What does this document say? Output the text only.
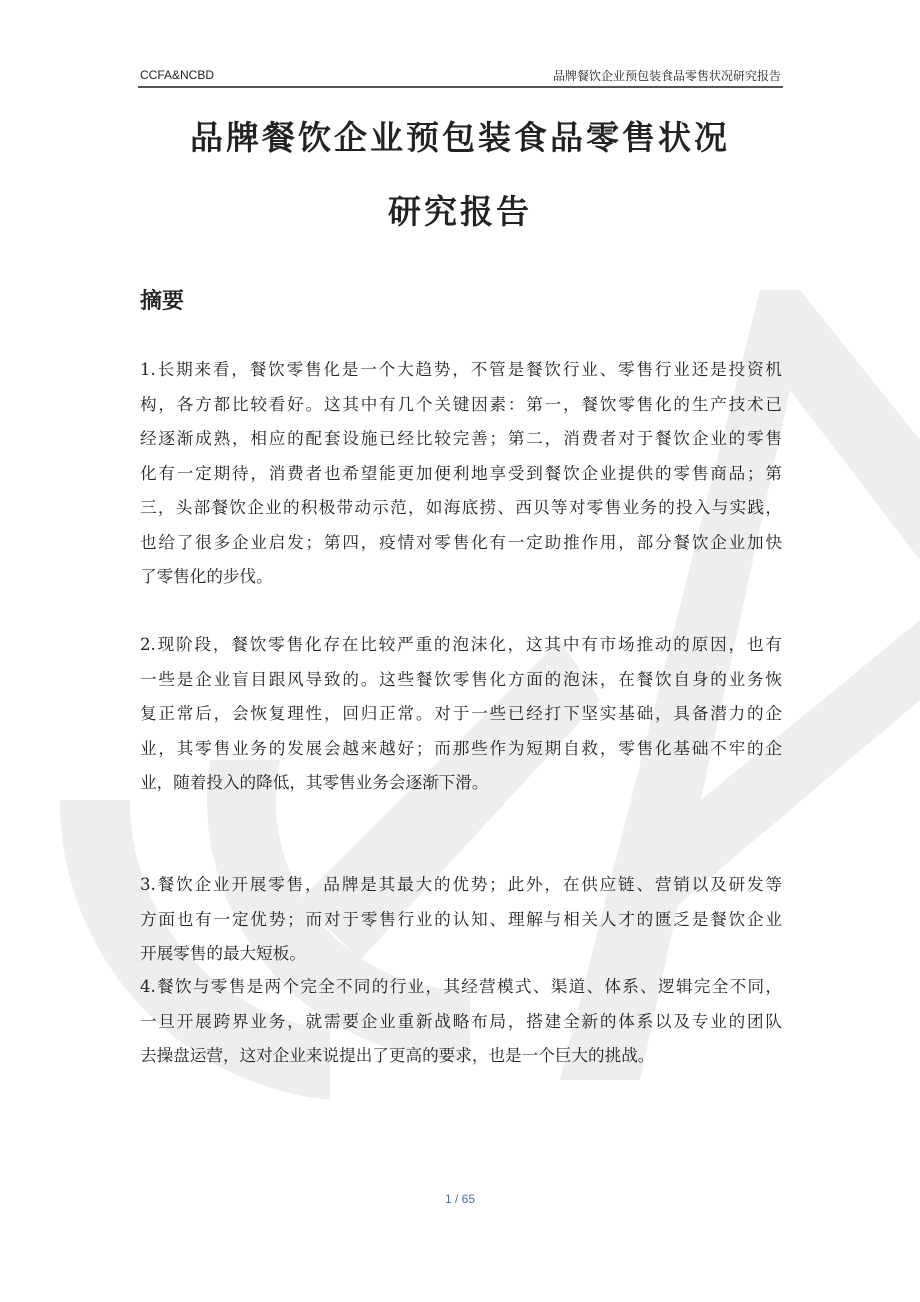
CCFA&NCBD	品牌餐饮企业预包装食品零售状况研究报告
品牌餐饮企业预包装食品零售状况
研究报告
摘要
1.长期来看，餐饮零售化是一个大趋势，不管是餐饮行业、零售行业还是投资机
构，各方都比较看好。这其中有几个关键因素：第一，餐饮零售化的生产技术已
经逐渐成熟，相应的配套设施已经比较完善；第二，消费者对于餐饮企业的零售
化有一定期待，消费者也希望能更加便利地享受到餐饮企业提供的零售商品；第
三，头部餐饮企业的积极带动示范，如海底捞、西贝等对零售业务的投入与实践，
也给了很多企业启发；第四，疫情对零售化有一定助推作用，部分餐饮企业加快
了零售化的步伐。
2.现阶段，餐饮零售化存在比较严重的泡沫化，这其中有市场推动的原因，也有
一些是企业盲目跟风导致的。这些餐饮零售化方面的泡沫，在餐饮自身的业务恢
复正常后，会恢复理性，回归正常。对于一些已经打下坚实基础，具备潜力的企
业，其零售业务的发展会越来越好；而那些作为短期自救，零售化基础不牢的企
业，随着投入的降低，其零售业务会逐渐下滑。
3.餐饮企业开展零售，品牌是其最大的优势；此外，在供应链、营销以及研发等
方面也有一定优势；而对于零售行业的认知、理解与相关人才的匮乏是餐饮企业
开展零售的最大短板。
4.餐饮与零售是两个完全不同的行业，其经营模式、渠道、体系、逻辑完全不同，
一旦开展跨界业务，就需要企业重新战略布局，搭建全新的体系以及专业的团队
去操盘运营，这对企业来说提出了更高的要求，也是一个巨大的挑战。
1 / 65
